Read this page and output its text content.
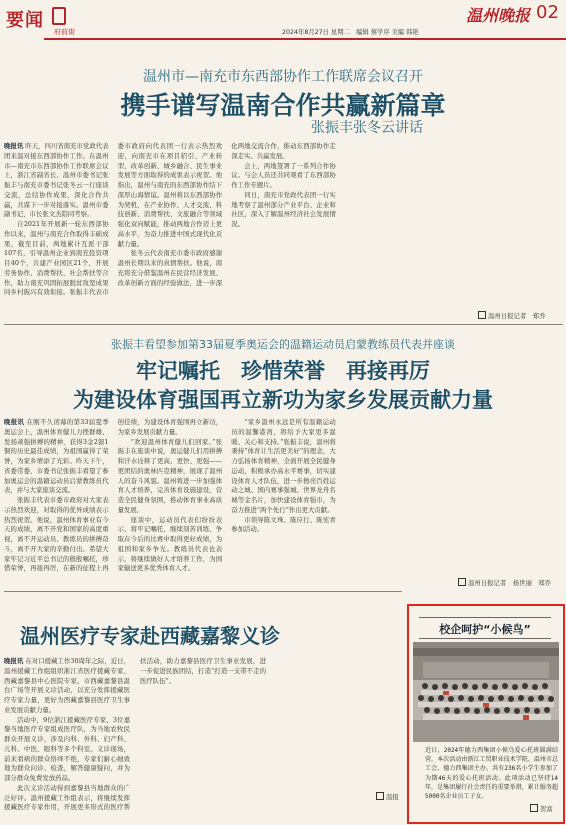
要闻
府前街	2024年8月27日 星期二　编辑 蔡学序 美编 韩艳
温州晚报 02
温州市—南充市东西部协作工作联席会议召开
携手谱写温南合作共赢新篇章
张振丰张冬云讲话
晚报讯 昨天，四川省南充市党政代表团来温对接东西部协作工作。在温州市—南充市东西部协作工作联席会议上，浙江省副省长、温州市委书记张振丰与南充市委书记张冬云一行座谈交流，总结协作成果，深化合作共赢，共谋下一步对接落实。温州市委副书记、市长张文杰陪同考察。

自2021年开展新一轮东西部协作以来，温州与南充合作取得丰硕成果，截至目前，两地累计互派干部107名，引导温州企业到南充投资项目40个，共建产业园区21个，开展劳务协作、消费帮扶、社会帮扶等合作，助力南充巩固拓展脱贫攻坚成果同乡村振兴有效衔接。张振丰代表市委市政府向代表团一行表示热烈欢迎，向南充市在项目招引、产业转型、改革创新、城乡融合、民生事业发展等方面取得的成果表示祝贺。他指出，温州与南充的东西部协作结下深厚山海情谊。温州将以东西部协作为契机，在产业协作、人才交流、科技创新、消费帮扶、文旅融合等领域强化双向赋能，推动两地合作迈上更高水平，为奋力推进中国式现代化贡献力量。

张冬云代表南充市委市政府感谢温州长期以来的真情帮扶。他说，南充将充分借鉴温州在民营经济发展、改革创新方面的经验做法，进一步深化两地交流合作，推动东西部协作走深走实、共赢发展。

会上，两地签署了一系列合作协议。与会人员还共同观看了东西部协作工作专题片。

同日，南充市党政代表团一行实地考察了温州部分产业平台、企业和社区，深入了解温州经济社会发展情况。

温州日报记者　郑乔
张振丰看望参加第33届夏季奥运会的温籍运动员启蒙教练员代表并座谈
牢记嘱托　珍惜荣誉　再接再厉
为建设体育强国再立新功为家乡发展贡献力量
晚报讯 在刚不久闭幕的第33届夏季奥运会上，温州体育健儿力挫群雄、发扬顽强拼搏的精神，获得3金2银1铜的历史最佳成绩，为祖国赢得了荣誉，为家乡增添了光彩。昨天下午，省委常委、市委书记张振丰看望了参加奥运会的温籍运动员启蒙教练员代表，并与大家座谈交流。

张振丰代表市委市政府对大家表示热烈欢迎，对取得的优异成绩表示热烈祝贺。他说，温州体育事业有今天的成绩，离不开党和国家的高度重视，离不开运动员、教练员的拼搏奋斗，离不开大家的辛勤付出。希望大家牢记习近平总书记的殷殷嘱托，珍惜荣誉，再接再厉，在新的征程上再创佳绩，为建设体育强国再立新功，为家乡发展贡献力量。

“欢迎温州体育健儿们回家。”张振丰在座谈中说，奥运健儿们用拼搏和汗水诠释了更高、更快、更强——更团结的奥林匹克精神，展现了温州人的奋斗风貌。温州将进一步加强体育人才培养，完善体育设施建设，营造全民健身氛围，推动体育事业高质量发展。

座谈中，运动员代表们纷纷表示，将牢记嘱托，继续刻苦训练，争取在今后的比赛中取得更好成绩，为祖国和家乡争光。教练员代表也表示，将继续做好人才培养工作，为国家输送更多优秀体育人才。

“家乡温州永远是所有温籍运动员的温馨港湾，将给予大家更多温暖、关心和支持。”张振丰说，温州将秉持“体育让生活更美好”的理念，大力弘扬体育精神，全面开展全民健身运动，积极承办高水平赛事，切实建设体育人才队伍，进一步擦亮百姓运动之城、国内赛事强城、世界龙舟名城等金名片，加快建设体育强市，为奋力推进“两个先行”作出更大贡献。

市领导陈文珠、陈应行、陈宪青参加活动。

温州日报记者　杨世丽　郑乔
温州医疗专家赴西藏嘉黎义诊
晚报讯 在对口援藏工作30周年之际，近日，温州援藏工作组组织浙江省医疗援藏专家、西藏嘉黎县中心医院专家、市西藏嘉黎县温台广场等开展义诊活动，以充分发挥援藏医疗专家力量，更好为西藏嘉黎县医疗卫生事业发展贡献力量。

活动中，9位浙江援藏医疗专家、3位嘉黎当地医疗专家组成医疗队，为当地农牧民群众开展义诊，涉及内科、外科、妇产科、儿科、中医、眼科等多个科室。义诊现场，前来看病的群众络绎不绝，专家们耐心细致地为群众问诊、检查，解答健康疑问，并为部分群众免费发放药品。

此次义诊活动得到嘉黎县当地群众的广泛好评。温州援藏工作组表示，将继续发挥援藏医疗专家作用，开展更多形式的医疗帮扶活动，助力嘉黎县医疗卫生事业发展，进一步促进民族团结，打造“打造一支带不走的医疗队伍”。

温报
校企呵护“小候鸟”
近日，2024年德力西集团小候鸟爱心托班圆满结营。本次活动由浙江工贸职业技术学院、温州市总工会、德力西集团主办，共有236名小学生参加了为期46天的爱心托班活动。此项活动已坚持14年，是集团履行社会责任的重要举措，累计服务超5000名企业员工子女。
贺富
